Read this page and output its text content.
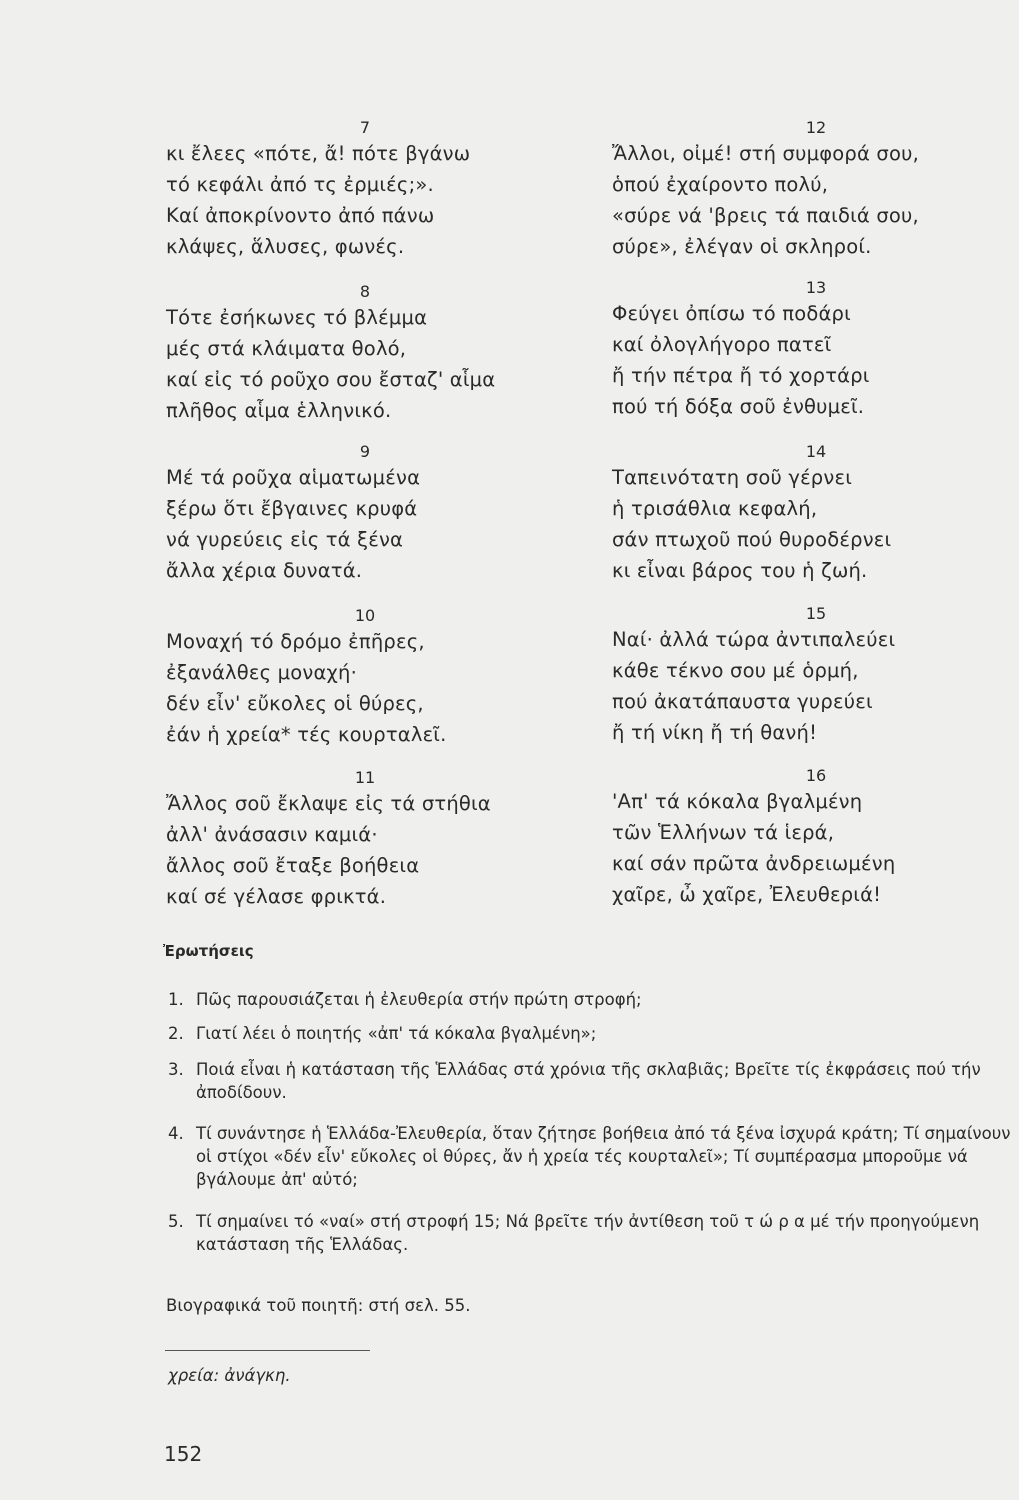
7
κι ἔλεες «πότε, ἄ! πότε βγάνω
τό κεφάλι ἀπό τς ἐρμιές;».
Καί ἀποκρίνοντο ἀπό πάνω
κλάψες, ἅλυσες, φωνές.
8
Τότε ἐσήκωνες τό βλέμμα
μές στά κλάιματα θολό,
καί εἰς τό ροῦχο σου ἔσταζ' αἷμα
πλῆθος αἷμα ἑλληνικό.
9
Μέ τά ροῦχα αἱματωμένα
ξέρω ὅτι ἔβγαινες κρυφά
νά γυρεύεις εἰς τά ξένα
ἄλλα χέρια δυνατά.
10
Μοναχή τό δρόμο ἐπῆρες,
ἐξανάλθες μοναχή·
δέν εἶν' εὔκολες οἱ θύρες,
ἐάν ἡ χρεία* τές κουρταλεῖ.
11
Ἄλλος σοῦ ἔκλαψε εἰς τά στήθια
ἀλλ' ἀνάσασιν καμιά·
ἄλλος σοῦ ἔταξε βοήθεια
καί σέ γέλασε φρικτά.
12
Ἄλλοι, οἰμέ! στή συμφορά σου,
ὁπού ἐχαίροντο πολύ,
«σύρε νά 'βρεις τά παιδιά σου,
σύρε», ἐλέγαν οἱ σκληροί.
13
Φεύγει ὀπίσω τό ποδάρι
καί ὀλογλήγορο πατεῖ
ἤ τήν πέτρα ἤ τό χορτάρι
πού τή δόξα σοῦ ἐνθυμεῖ.
14
Ταπεινότατη σοῦ γέρνει
ἡ τρισάθλια κεφαλή,
σάν πτωχοῦ πού θυροδέρνει
κι εἶναι βάρος του ἡ ζωή.
15
Ναί· ἀλλά τώρα ἀντιπαλεύει
κάθε τέκνο σου μέ ὁρμή,
πού ἀκατάπαυστα γυρεύει
ἤ τή νίκη ἤ τή θανή!
16
'Απ' τά κόκαλα βγαλμένη
τῶν Ἑλλήνων τά ἱερά,
καί σάν πρῶτα ἀνδρειωμένη
χαῖρε, ὦ χαῖρε, Ἐλευθεριά!
Ἐρωτήσεις
1. Πῶς παρουσιάζεται ἡ ἐλευθερία στήν πρώτη στροφή;
2. Γιατί λέει ὁ ποιητής «ἀπ' τά κόκαλα βγαλμένη»;
3. Ποιά εἶναι ἡ κατάσταση τῆς Ἑλλάδας στά χρόνια τῆς σκλαβιᾶς; Βρεῖτε τίς ἐκφράσεις πού τήν ἀποδίδουν.
4. Τί συνάντησε ἡ Ἑλλάδα-Ἐλευθερία, ὅταν ζήτησε βοήθεια ἀπό τά ξένα ἰσχυρά κράτη; Τί σημαίνουν οἱ στίχοι «δέν εἶν' εὔκολες οἱ θύρες, ἄν ἡ χρεία τές κουρταλεῖ»; Τί συμπέρασμα μποροῦμε νά βγάλουμε ἀπ' αὐτό;
5. Τί σημαίνει τό «ναί» στή στροφή 15; Νά βρεῖτε τήν ἀντίθεση τοῦ τ ώ ρ α μέ τήν προηγούμενη κατάσταση τῆς Ἑλλάδας.
Βιογραφικά τοῦ ποιητῆ: στή σελ. 55.
χρεία: ἀνάγκη.
152
